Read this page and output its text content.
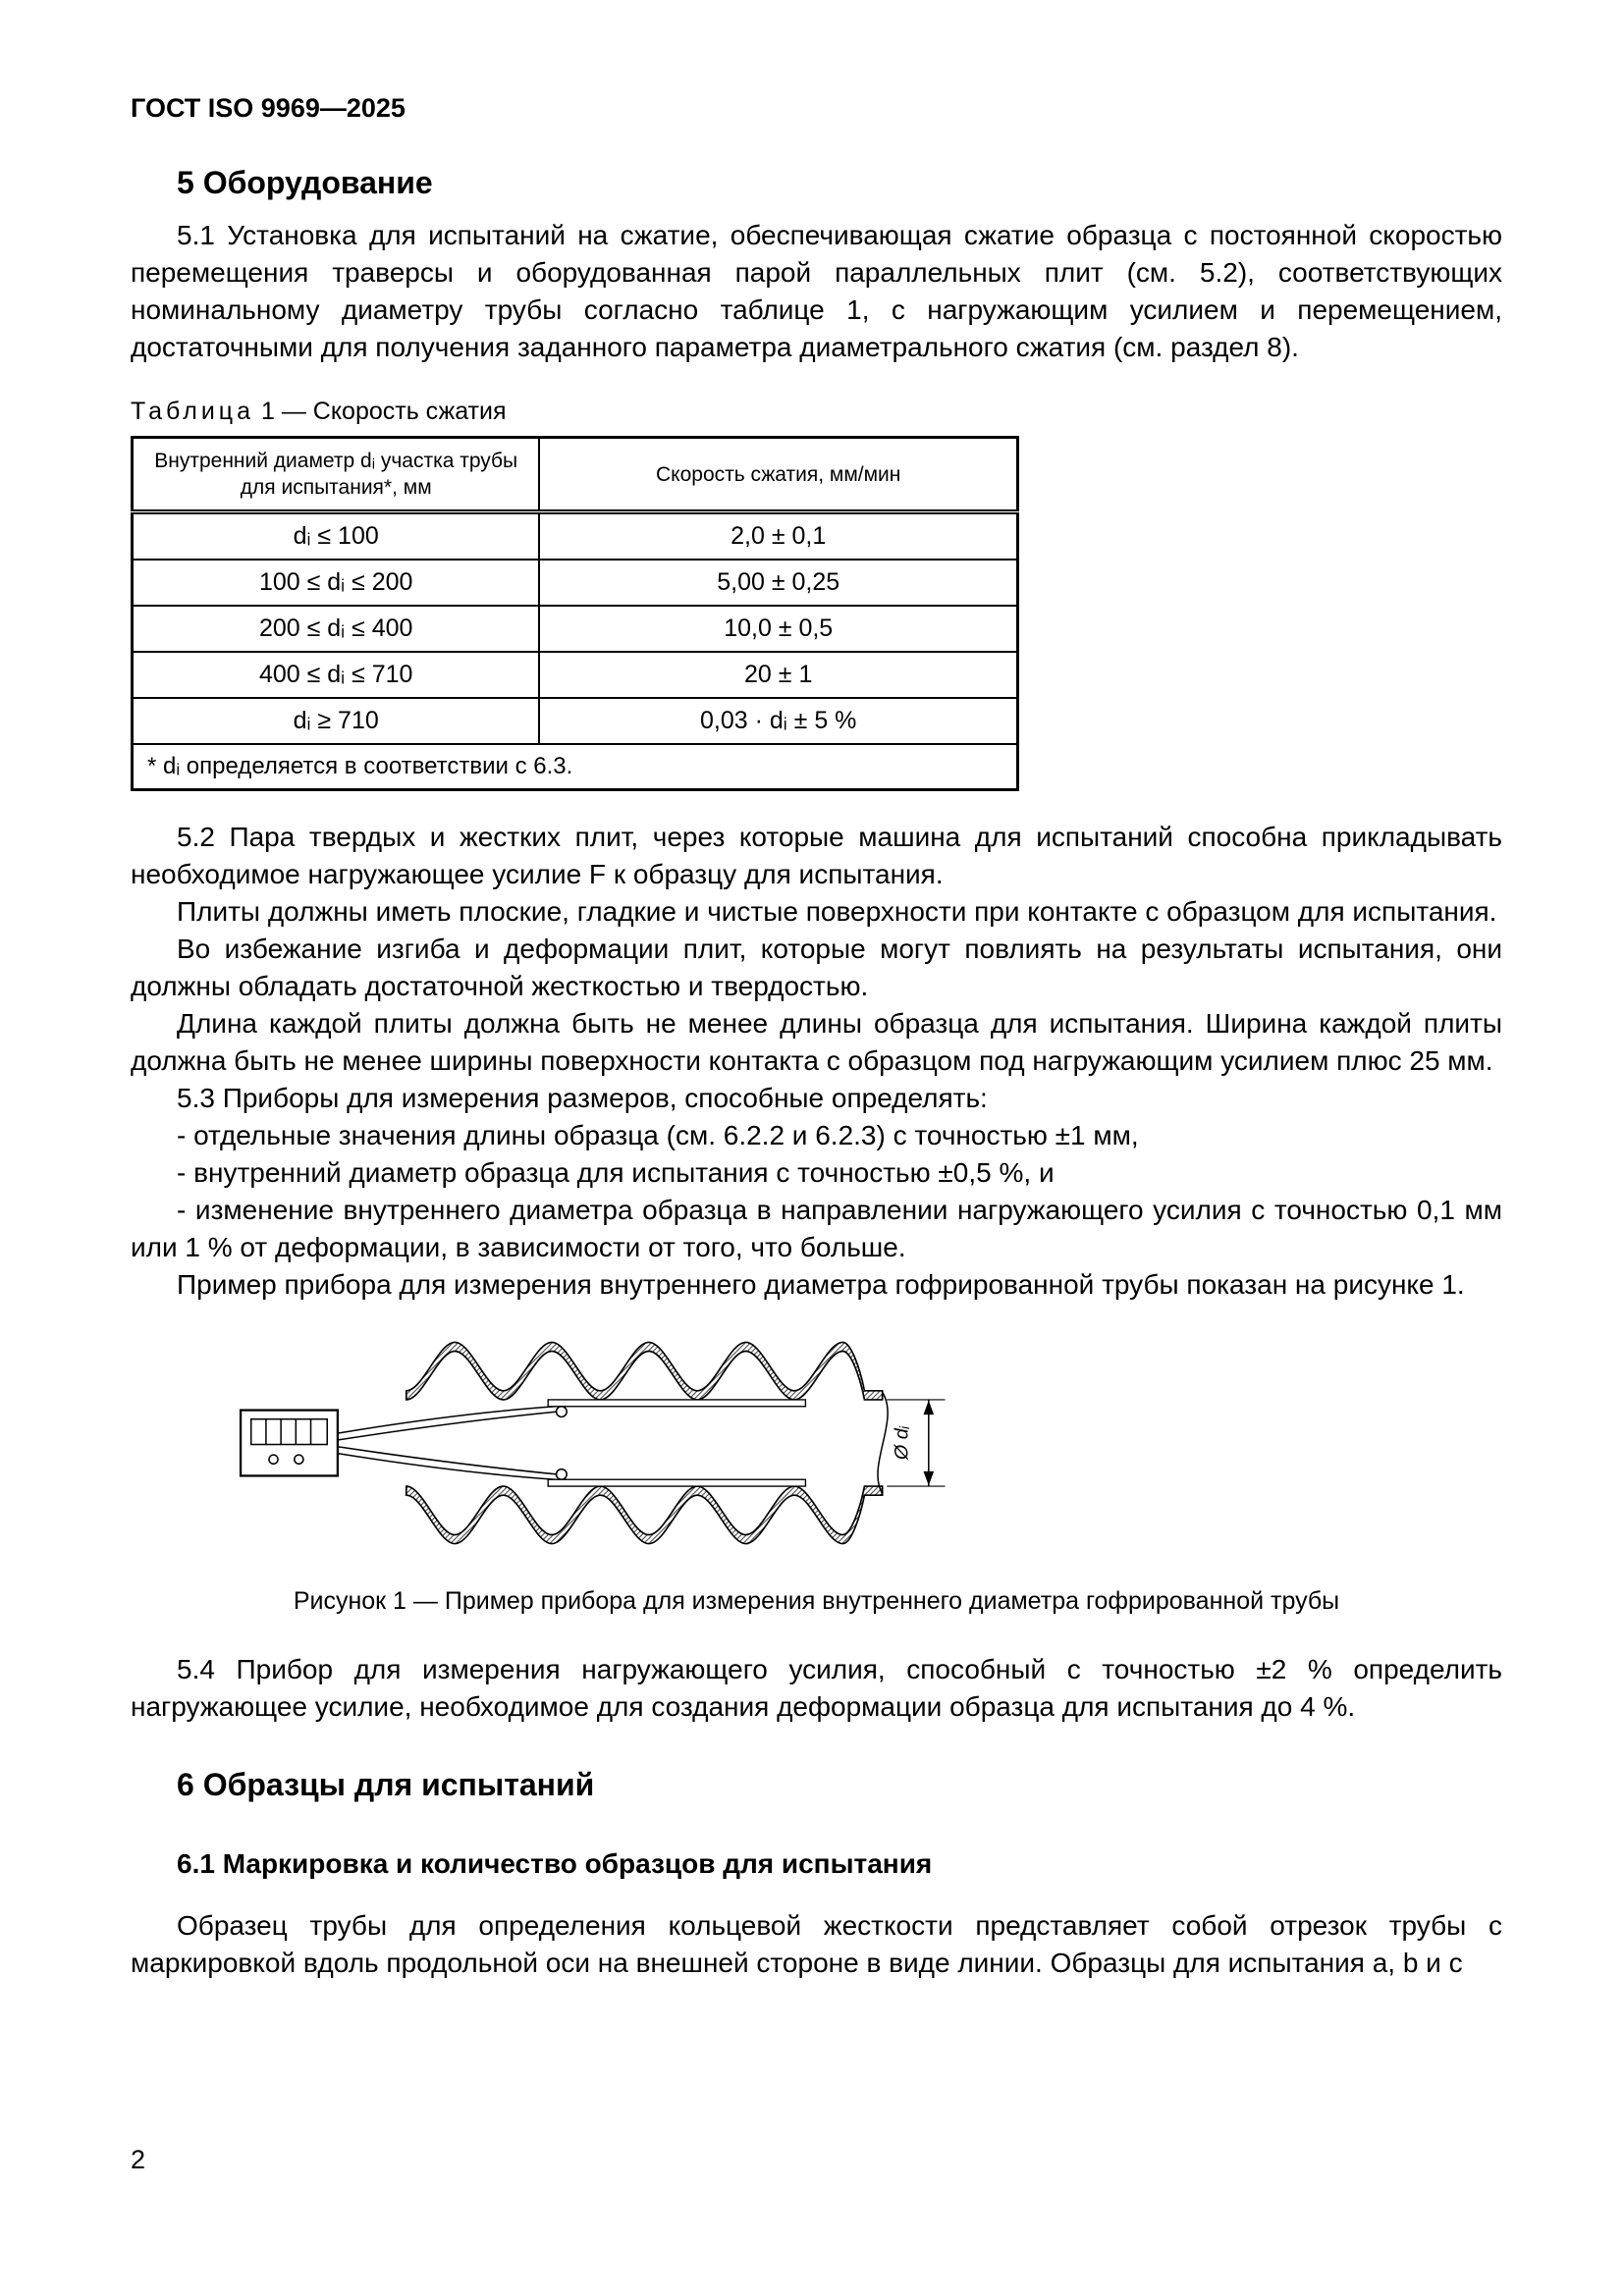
ГОСТ ISO 9969—2025
5 Оборудование

5.1 Установка для испытаний на сжатие, обеспечивающая сжатие образца с постоянной скоростью перемещения траверсы и оборудованная парой параллельных плит (см. 5.2), соответствующих номинальному диаметру трубы согласно таблице 1, с нагружающим усилием и перемещением, достаточными для получения заданного параметра диаметрального сжатия (см. раздел 8).

Таблица 1 — Скорость сжатия

Внутренний диаметр dᵢ участка трубы для испытания*, мм	Скорость сжатия, мм/мин
dᵢ ≤ 100	2,0 ± 0,1
100 ≤ dᵢ ≤ 200	5,00 ± 0,25
200 ≤ dᵢ ≤ 400	10,0 ± 0,5
400 ≤ dᵢ ≤ 710	20 ± 1
dᵢ ≥ 710	0,03 · dᵢ ± 5 %
* dᵢ определяется в соответствии с 6.3.	

5.2 Пара твердых и жестких плит, через которые машина для испытаний способна прикладывать необходимое нагружающее усилие F к образцу для испытания.

Плиты должны иметь плоские, гладкие и чистые поверхности при контакте с образцом для испытания.

Во избежание изгиба и деформации плит, которые могут повлиять на результаты испытания, они должны обладать достаточной жесткостью и твердостью.

Длина каждой плиты должна быть не менее длины образца для испытания. Ширина каждой плиты должна быть не менее ширины поверхности контакта с образцом под нагружающим усилием плюс 25 мм.

5.3 Приборы для измерения размеров, способные определять:

- отдельные значения длины образца (см. 6.2.2 и 6.2.3) с точностью ±1 мм,

- внутренний диаметр образца для испытания с точностью ±0,5 %, и

- изменение внутреннего диаметра образца в направлении нагружающего усилия с точностью 0,1 мм или 1 % от деформации, в зависимости от того, что больше.

Пример прибора для измерения внутреннего диаметра гофрированной трубы показан на рисунке 1.

Ø dᵢ

Рисунок 1 — Пример прибора для измерения внутреннего диаметра гофрированной трубы

5.4 Прибор для измерения нагружающего усилия, способный с точностью ±2 % определить нагружающее усилие, необходимое для создания деформации образца для испытания до 4 %.

6 Образцы для испытаний
6.1 Маркировка и количество образцов для испытания

Образец трубы для определения кольцевой жесткости представляет собой отрезок трубы с маркировкой вдоль продольной оси на внешней стороне в виде линии. Образцы для испытания a, b и c

2
